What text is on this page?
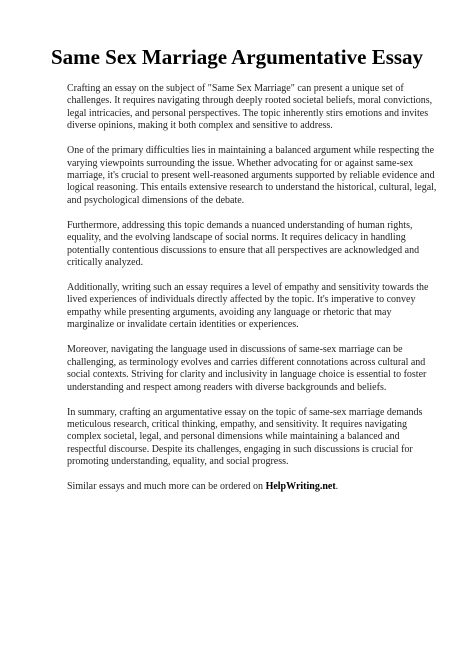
Same Sex Marriage Argumentative Essay

Crafting an essay on the subject of "Same Sex Marriage" can present a unique set of challenges. It requires navigating through deeply rooted societal beliefs, moral convictions, legal intricacies, and personal perspectives. The topic inherently stirs emotions and invites diverse opinions, making it both complex and sensitive to address.

One of the primary difficulties lies in maintaining a balanced argument while respecting the varying viewpoints surrounding the issue. Whether advocating for or against same-sex marriage, it's crucial to present well-reasoned arguments supported by reliable evidence and logical reasoning. This entails extensive research to understand the historical, cultural, legal, and psychological dimensions of the debate.

Furthermore, addressing this topic demands a nuanced understanding of human rights, equality, and the evolving landscape of social norms. It requires delicacy in handling potentially contentious discussions to ensure that all perspectives are acknowledged and critically analyzed.

Additionally, writing such an essay requires a level of empathy and sensitivity towards the lived experiences of individuals directly affected by the topic. It's imperative to convey empathy while presenting arguments, avoiding any language or rhetoric that may marginalize or invalidate certain identities or experiences.

Moreover, navigating the language used in discussions of same-sex marriage can be challenging, as terminology evolves and carries different connotations across cultural and social contexts. Striving for clarity and inclusivity in language choice is essential to foster understanding and respect among readers with diverse backgrounds and beliefs.

In summary, crafting an argumentative essay on the topic of same-sex marriage demands meticulous research, critical thinking, empathy, and sensitivity. It requires navigating complex societal, legal, and personal dimensions while maintaining a balanced and respectful discourse. Despite its challenges, engaging in such discussions is crucial for promoting understanding, equality, and social progress.

Similar essays and much more can be ordered on HelpWriting.net.
